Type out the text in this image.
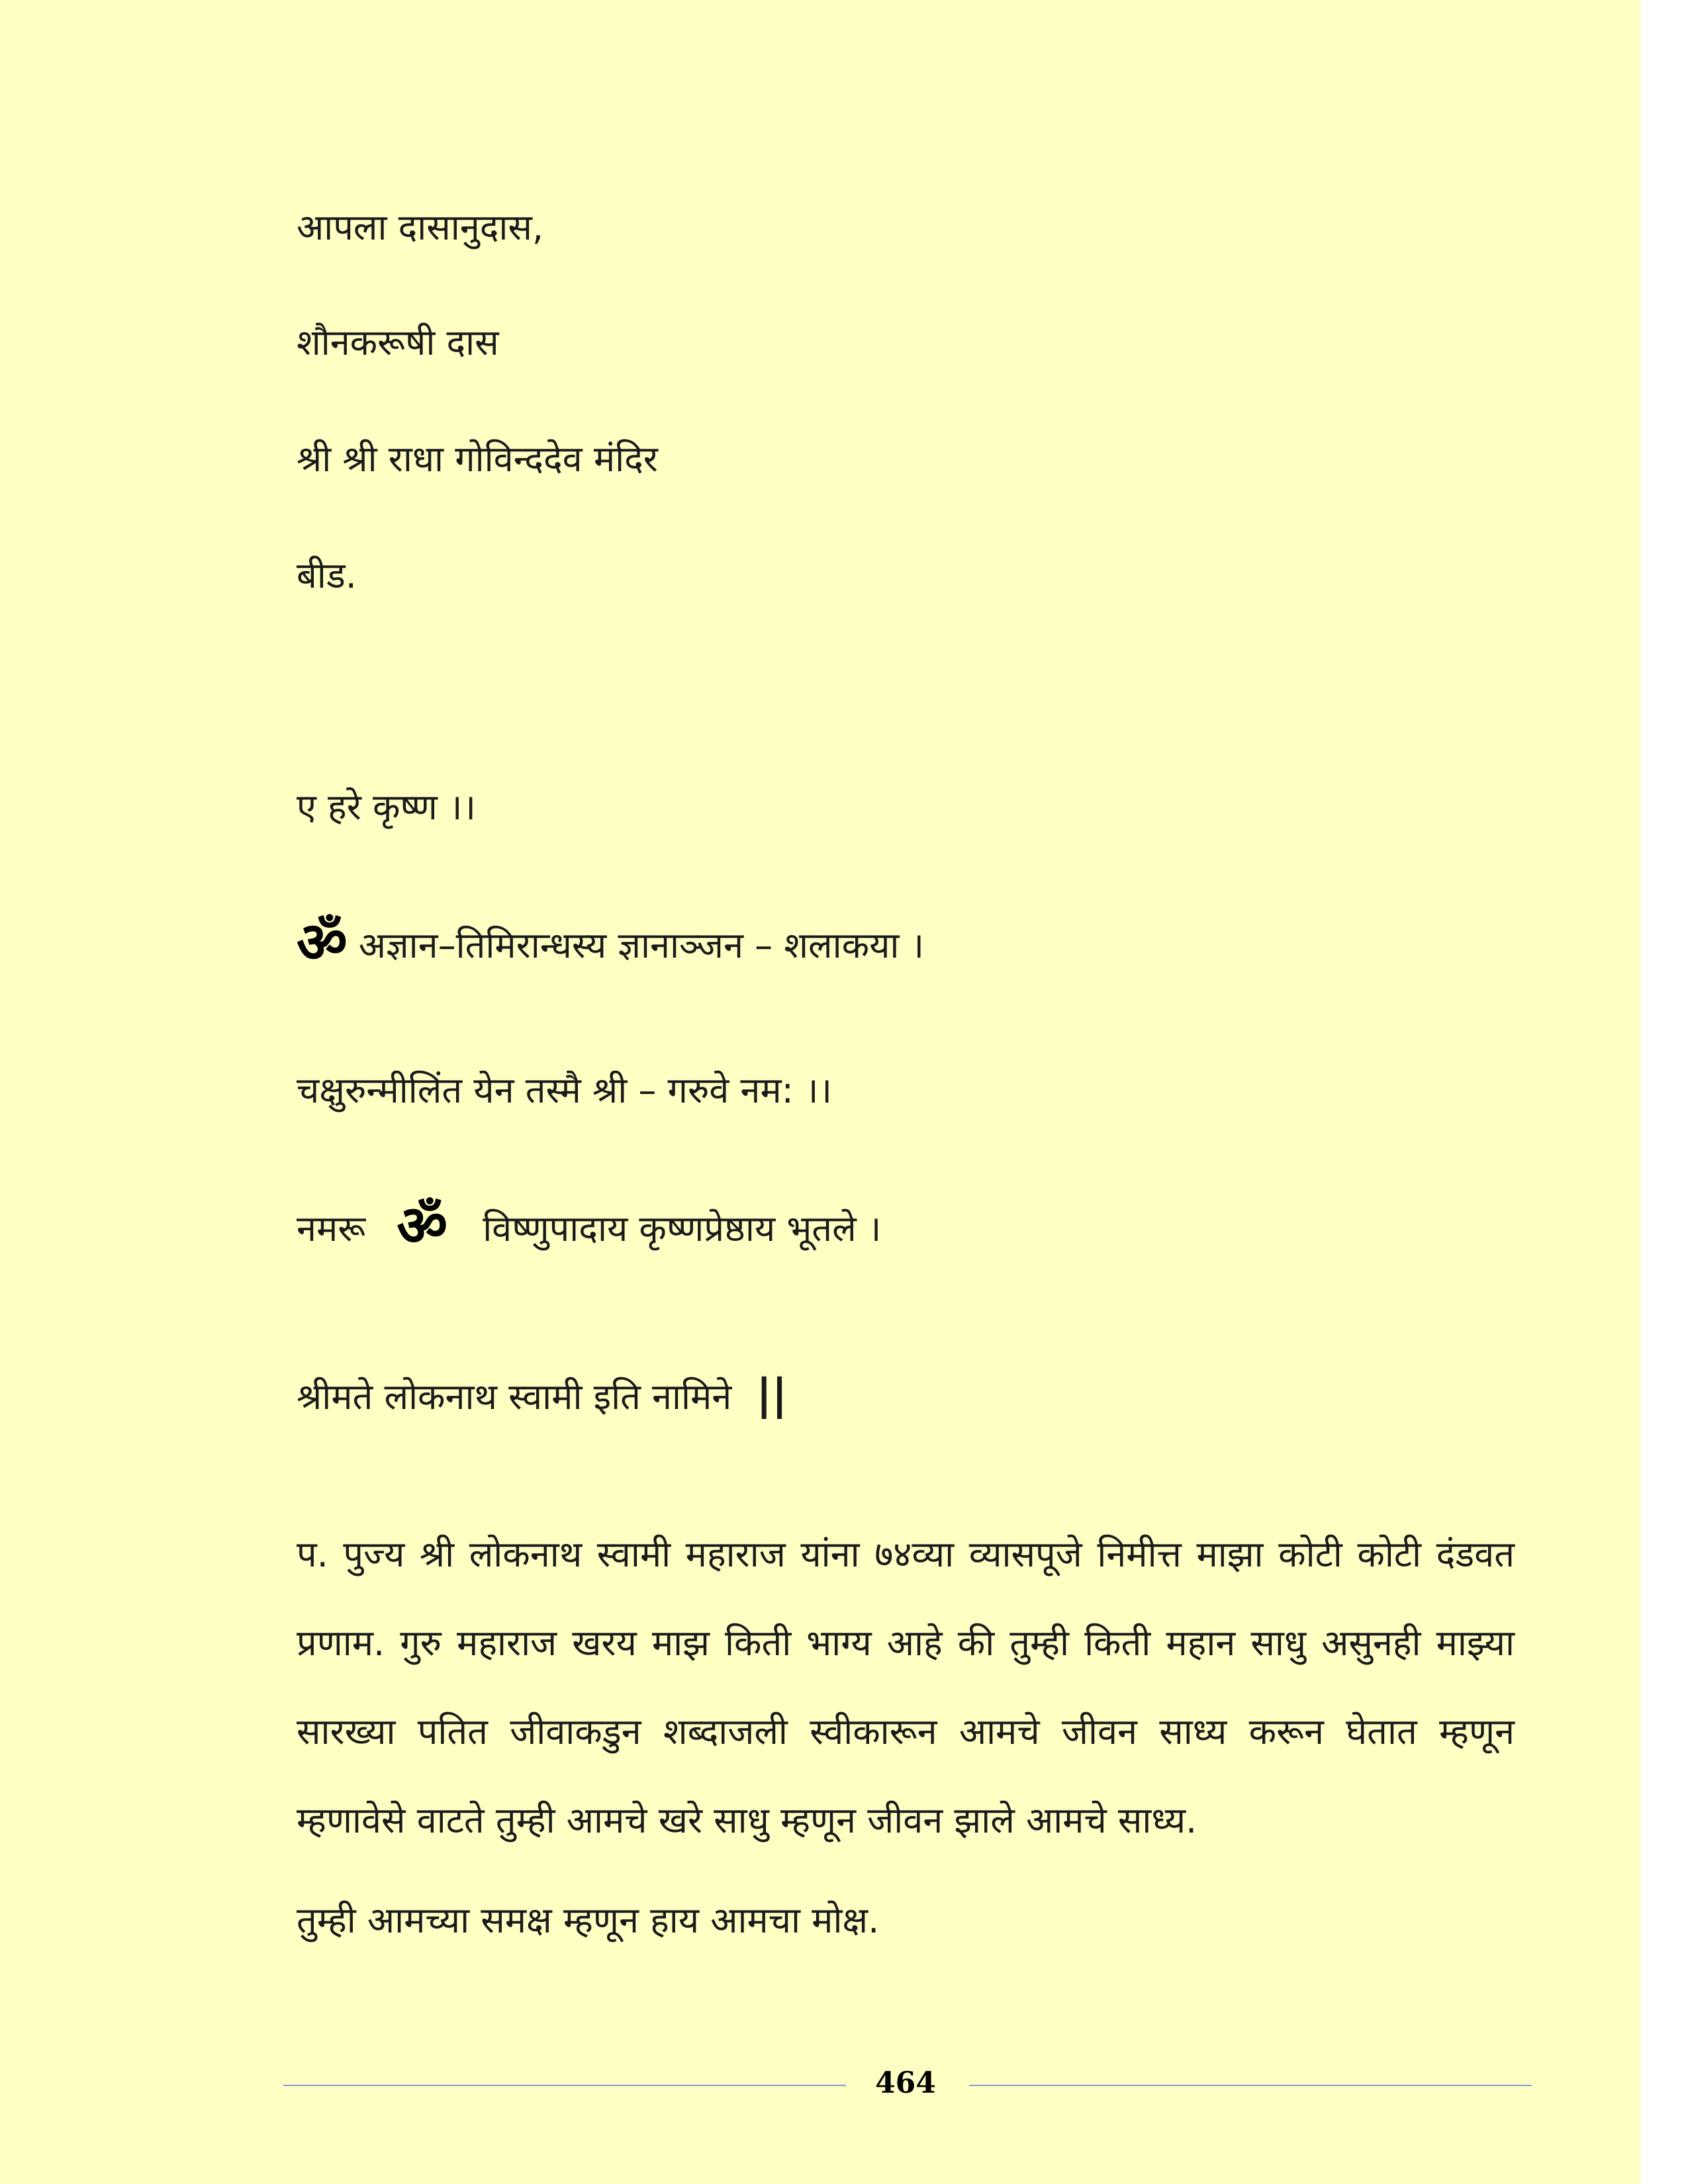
आपला दासानुदास,
शौनकरूषी दास
श्री श्री राधा गोविन्ददेव मंदिर
बीड.
ए हरे कृष्ण ।।
ॐ अज्ञान–तिमिरान्धस्य ज्ञानाञ्जन – शलाकया ।
चक्षुरुन्मीलिंत येन तस्मै श्री – गरुवे नम: ।।
नमरू ॐ विष्णुपादाय कृष्णप्रेष्ठाय भूतले ।
श्रीमते लोकनाथ स्वामी इति नामिने ||
प. पुज्य श्री लोकनाथ स्वामी महाराज यांना ७४व्या व्यासपूजे निमीत्त माझा कोटी कोटी दंडवत प्रणाम. गुरु महाराज खरय माझ किती भाग्य आहे की तुम्ही किती महान साधु असुनही माझ्या सारख्या पतित जीवाकडुन शब्दाजली स्वीकारून आमचे जीवन साध्य करून घेतात म्हणून म्हणावेसे वाटते तुम्ही आमचे खरे साधु म्हणून जीवन झाले आमचे साध्य.
तुम्ही आमच्या समक्ष म्हणून हाय आमचा मोक्ष.
464
